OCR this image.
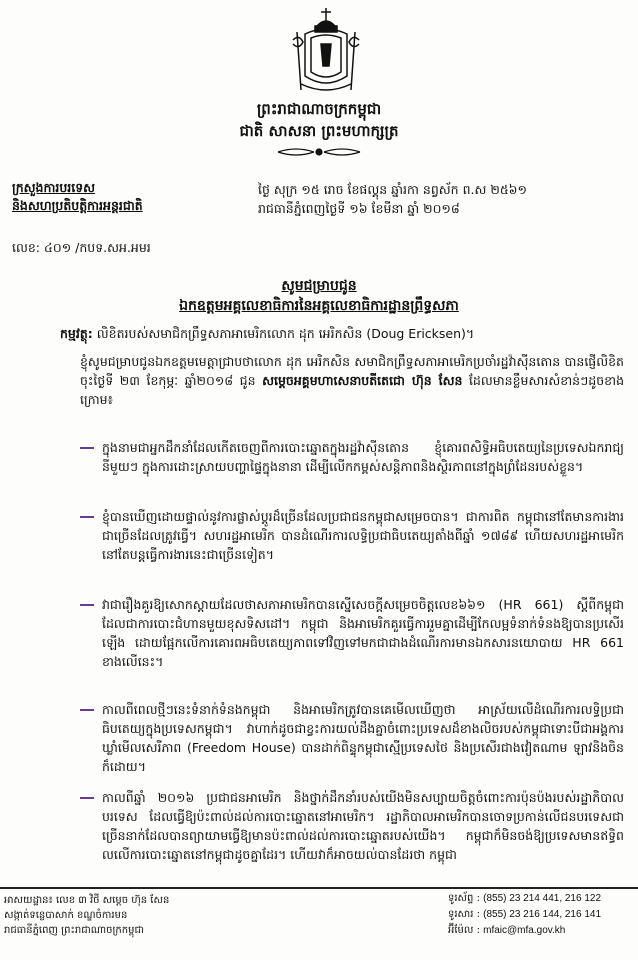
ព្រះរាជាណាចក្រកម្ពុជា
ជាតិ សាសនា ព្រះមហាក្សត្រ
ក្រសួងការបរទេស
និងសហប្រតិបត្តិការអន្តរជាតិ
ថ្ងៃ សុក្រ ១៥ រោច ខែផល្គុន ឆ្នាំរកា នព្វស័ក ព.ស ២៥៦១
រាជធានីភ្នំពេញថ្ងៃទី ១៦ ខែមីនា ឆ្នាំ ២០១៨
លេខ: ៤០១ /កបទ.សអ.អមរ
សូមជម្រាបជូន
ឯកឧត្តមអគ្គលេខាធិការនៃអគ្គលេខាធិការដ្ឋានព្រឹទ្ធសភា
កម្មវត្ថុ: លិខិតរបស់សមាជិកព្រឹទ្ធសភាអាមេរិកលោក ដុក អេរិកសិន (Doug Ericksen)។
ខ្ញុំសូមជម្រាបជូនឯកឧត្តមមេត្តាជ្រាបថាលោក ដុក អេរិកសិន សមាជិកព្រឹទ្ធសភាអាមេរិកប្រចាំរដ្ឋវ៉ាស៊ីនតោន បានផ្ញើលិខិតចុះថ្ងៃទី ២៣ ខែកុម្ភៈ ឆ្នាំ២០១៨ ជូន សម្តេចអគ្គមហាសេនាបតីតេជោ ហ៊ុន សែន ដែលមានខ្លឹមសារសំខាន់ៗដូចខាងក្រោម៖
ក្នុងនាមជាអ្នកដឹកនាំដែលកើតចេញពីការបោះឆ្នោតក្នុងរដ្ឋវ៉ាស៊ីនតោន ខ្ញុំគោរពសិទ្ធិអធិបតេយ្យនៃប្រទេសឯករាជ្យនីមួយៗ ក្នុងការដោះស្រាយបញ្ហាផ្ទៃក្នុងនានា ដើម្បីលើកកម្ពស់សន្តិភាពនិងស្ថិរភាពនៅក្នុងព្រំដែនរបស់ខ្លួន។
ខ្ញុំបានឃើញដោយផ្ទាល់នូវការផ្លាស់ប្តូរដ៏ច្រើនដែលប្រជាជនកម្ពុជាសម្រេចបាន។ ជាការពិត កម្ពុជានៅតែមានការងារជាច្រើនដែលត្រូវធ្វើ។ សហរដ្ឋអាមេរិក បានដំណើរការលទ្ធិប្រជាធិបតេយ្យតាំងពីឆ្នាំ ១៧៨៩ ហើយសហរដ្ឋអាមេរិកនៅតែបន្តធ្វើការងារនេះជាច្រើនទៀត។
វាជារឿងគួរឱ្យសោកស្តាយដែលថាសភាអាមេរិកបានស្នើសេចក្តីសម្រេចចិត្តលេខ៦៦១ (HR 661) ស្តីពីកម្ពុជា ដែលជាការបោះជំហានមួយខុសទិសដៅ។ កម្ពុជា និងអាមេរិកគួរធ្វើការរួមគ្នាដើម្បីកែលម្អទំនាក់ទំនងឱ្យបានប្រសើរឡើង ដោយផ្អែកលើការគោរពអធិបតេយ្យភាពទៅវិញទៅមកជាជាងដំណើរការមានឯកសារនយោបាយ HR 661 ខាងលើនេះ។
កាលពីពេលថ្មីៗនេះទំនាក់ទំនងកម្ពុជា និងអាមេរិកត្រូវបានគេមើលឃើញថា អាស្រ័យលើដំណើរការលទ្ធិប្រជាធិបតេយ្យក្នុងប្រទេសកម្ពុជា។ វាហាក់ដូចជាខ្វះការយល់ដឹងគ្នាចំពោះប្រទេសដ៏ខាងលិចរបស់កម្ពុជាទោះបីជាអង្គការឃ្លាំមើលសេរីភាព (Freedom House) បានដាក់ពិន្ទុកម្ពុជាស្មើប្រទេសថៃ និងប្រសើរជាងវៀតណាម ឡាវនិងចិនក៏ដោយ។
កាលពីឆ្នាំ ២០១៦ ប្រជាជនអាមេរិក និងថ្នាក់ដឹកនាំរបស់យើងមិនសប្បាយចិត្តចំពោះការប៉ុនប៉ងរបស់រដ្ឋាភិបាលបរទេស ដែលធ្វើឱ្យប៉ះពាល់ដល់ការបោះឆ្នោតនៅអាមេរិក។ រដ្ឋាភិបាលអាមេរិកបានចោទប្រកាន់លើជនបរទេសជាច្រើននាក់ដែលបានព្យាយាមធ្វើឱ្យមានប៉ះពាល់ដល់ការបោះឆ្នោតរបស់យើង។ កម្ពុជាក៏មិនចង់ឱ្យប្រទេសមានឥទ្ធិពលលើការបោះឆ្នោតនៅកម្ពុជាដូចគ្នាដែរ។ ហើយវាក៏អាចយល់បានដែរថា កម្ពុជា
អាសយដ្ឋាន៖ លេខ ៣ វិថី សម្តេច ហ៊ុន សែន
សង្កាត់ទន្លេបាសាក់ ខណ្ឌចំការមន
រាជធានីភ្នំពេញ ព្រះរាជាណាចក្រកម្ពុជា
ទូរស័ព្ទ : (855) 23 214 441, 216 122
ទូរសារ : (855) 23 216 144, 216 141
អ៊ីម៉ែល : mfaic@mfa.gov.kh
